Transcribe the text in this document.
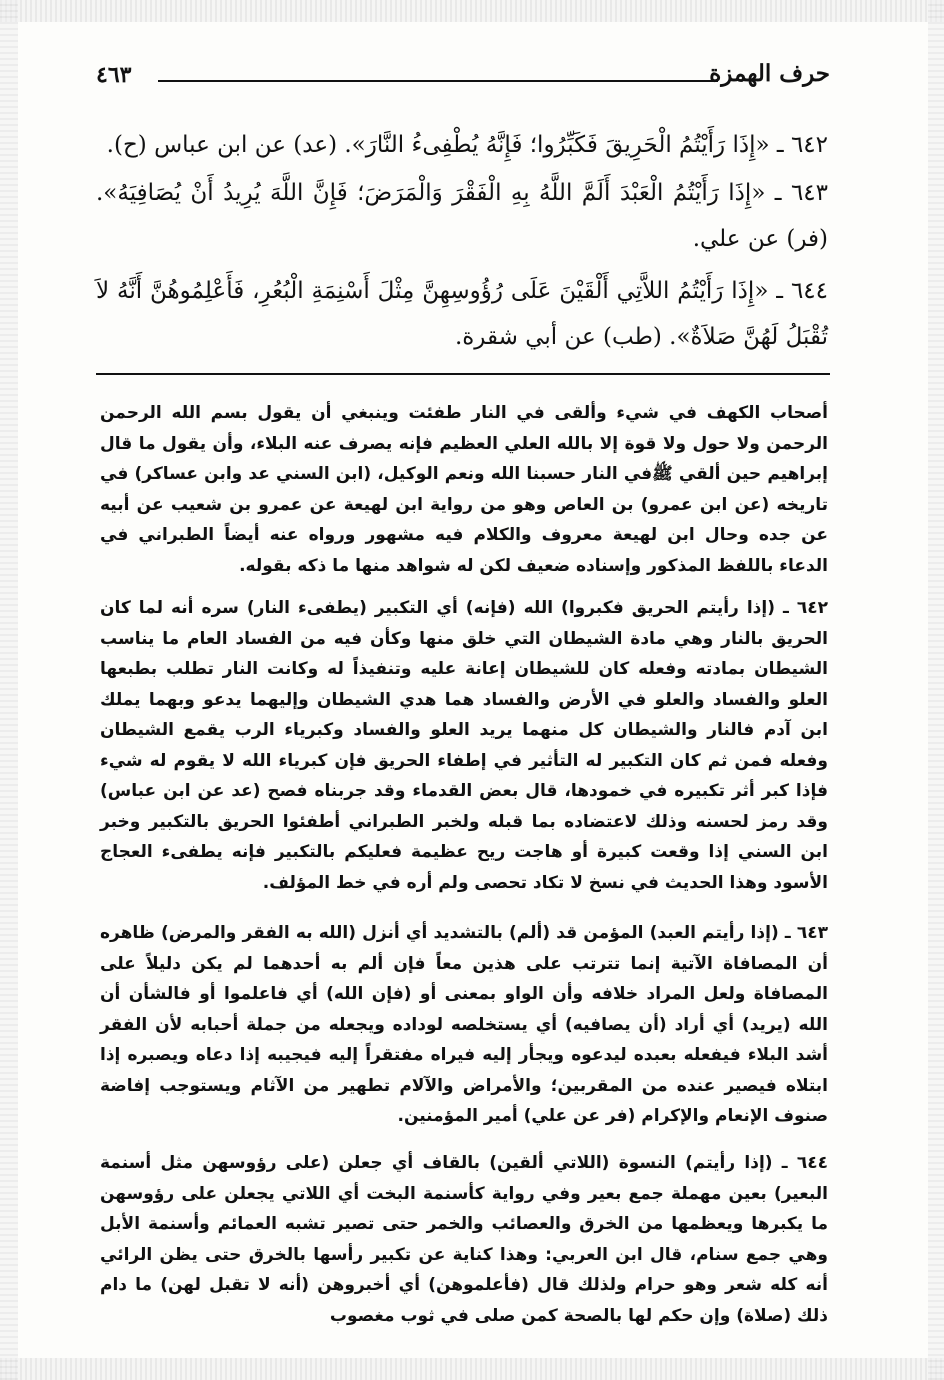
حرف الهمزة
٤٦٣

٦٤٢ ـ «إِذَا رَأَيْتُمُ الْحَرِيقَ فَكَبِّرُوا؛ فَإِنَّهُ يُطْفِىءُ النَّارَ». (عد) عن ابن عباس (ح).

٦٤٣ ـ «إِذَا رَأَيْتُمُ الْعَبْدَ أَلَمَّ اللَّهُ بِهِ الْفَقْرَ وَالْمَرَضَ؛ فَإِنَّ اللَّهَ يُرِيدُ أَنْ يُصَافِيَهُ». (فر) عن علي.

٦٤٤ ـ «إِذَا رَأَيْتُمُ اللاَّتِي أَلْقَيْنَ عَلَى رُؤُوسِهِنَّ مِثْلَ أَسْنِمَةِ الْبُعُرِ، فَأَعْلِمُوهُنَّ أَنَّهُ لاَ تُقْبَلُ لَهُنَّ صَلاَةٌ». (طب) عن أبي شقرة.

أصحاب الكهف في شيء وألقى في النار طفئت وينبغي أن يقول بسم الله الرحمن الرحمن ولا حول ولا قوة إلا بالله العلي العظيم فإنه يصرف عنه البلاء، وأن يقول ما قال إبراهيم حين ألقي ﷺفي النار حسبنا الله ونعم الوكيل، (ابن السني عد وابن عساكر) في تاريخه (عن ابن عمرو) بن العاص وهو من رواية ابن لهيعة عن عمرو بن شعيب عن أبيه عن جده وحال ابن لهيعة معروف والكلام فيه مشهور ورواه عنه أيضاً الطبراني في الدعاء باللفظ المذكور وإسناده ضعيف لكن له شواهد منها ما ذكه بقوله.

٦٤٢ ـ (إذا رأيتم الحريق فكبروا) الله (فإنه) أي التكبير (يطفىء النار) سره أنه لما كان الحريق بالنار وهي مادة الشيطان التي خلق منها وكأن فيه من الفساد العام ما يناسب الشيطان بمادته وفعله كان للشيطان إعانة عليه وتنفيذاً له وكانت النار تطلب بطبعها العلو والفساد والعلو في الأرض والفساد هما هدي الشيطان وإليهما يدعو وبهما يملك ابن آدم فالنار والشيطان كل منهما يريد العلو والفساد وكبرياء الرب يقمع الشيطان وفعله فمن ثم كان التكبير له التأثير في إطفاء الحريق فإن كبرياء الله لا يقوم له شيء فإذا كبر أثر تكبيره في خمودها، قال بعض القدماء وقد جربناه فصح (عد عن ابن عباس) وقد رمز لحسنه وذلك لاعتضاده بما قبله ولخبر الطبراني أطفئوا الحريق بالتكبير وخبر ابن السني إذا وقعت كبيرة أو هاجت ريح عظيمة فعليكم بالتكبير فإنه يطفىء العجاج الأسود وهذا الحديث في نسخ لا تكاد تحصى ولم أره في خط المؤلف.

٦٤٣ ـ (إذا رأيتم العبد) المؤمن قد (ألم) بالتشديد أي أنزل (الله به الفقر والمرض) ظاهره أن المصافاة الآتية إنما تترتب على هذين معاً فإن ألم به أحدهما لم يكن دليلاً على المصافاة ولعل المراد خلافه وأن الواو بمعنى أو (فإن الله) أي فاعلموا أو فالشأن أن الله (يريد) أي أراد (أن يصافيه) أي يستخلصه لوداده ويجعله من جملة أحبابه لأن الفقر أشد البلاء فيفعله بعبده ليدعوه ويجأر إليه فيراه مفتقراً إليه فيجيبه إذا دعاه ويصبره إذا ابتلاه فيصير عنده من المقربين؛ والأمراض والآلام تطهير من الآثام ويستوجب إفاضة صنوف الإنعام والإكرام (فر عن علي) أمير المؤمنين.

٦٤٤ ـ (إذا رأيتم) النسوة (اللاتي ألقين) بالقاف أي جعلن (على رؤوسهن مثل أسنمة البعير) بعين مهملة جمع بعير وفي رواية كأسنمة البخت أي اللاتي يجعلن على رؤوسهن ما يكبرها ويعظمها من الخرق والعصائب والخمر حتى تصير تشبه العمائم وأسنمة الأبل وهي جمع سنام، قال ابن العربي: وهذا كناية عن تكبير رأسها بالخرق حتى يظن الرائي أنه كله شعر وهو حرام ولذلك قال (فأعلموهن) أي أخبروهن (أنه لا تقبل لهن) ما دام ذلك (صلاة) وإن حكم لها بالصحة كمن صلى في ثوب مغصوب
